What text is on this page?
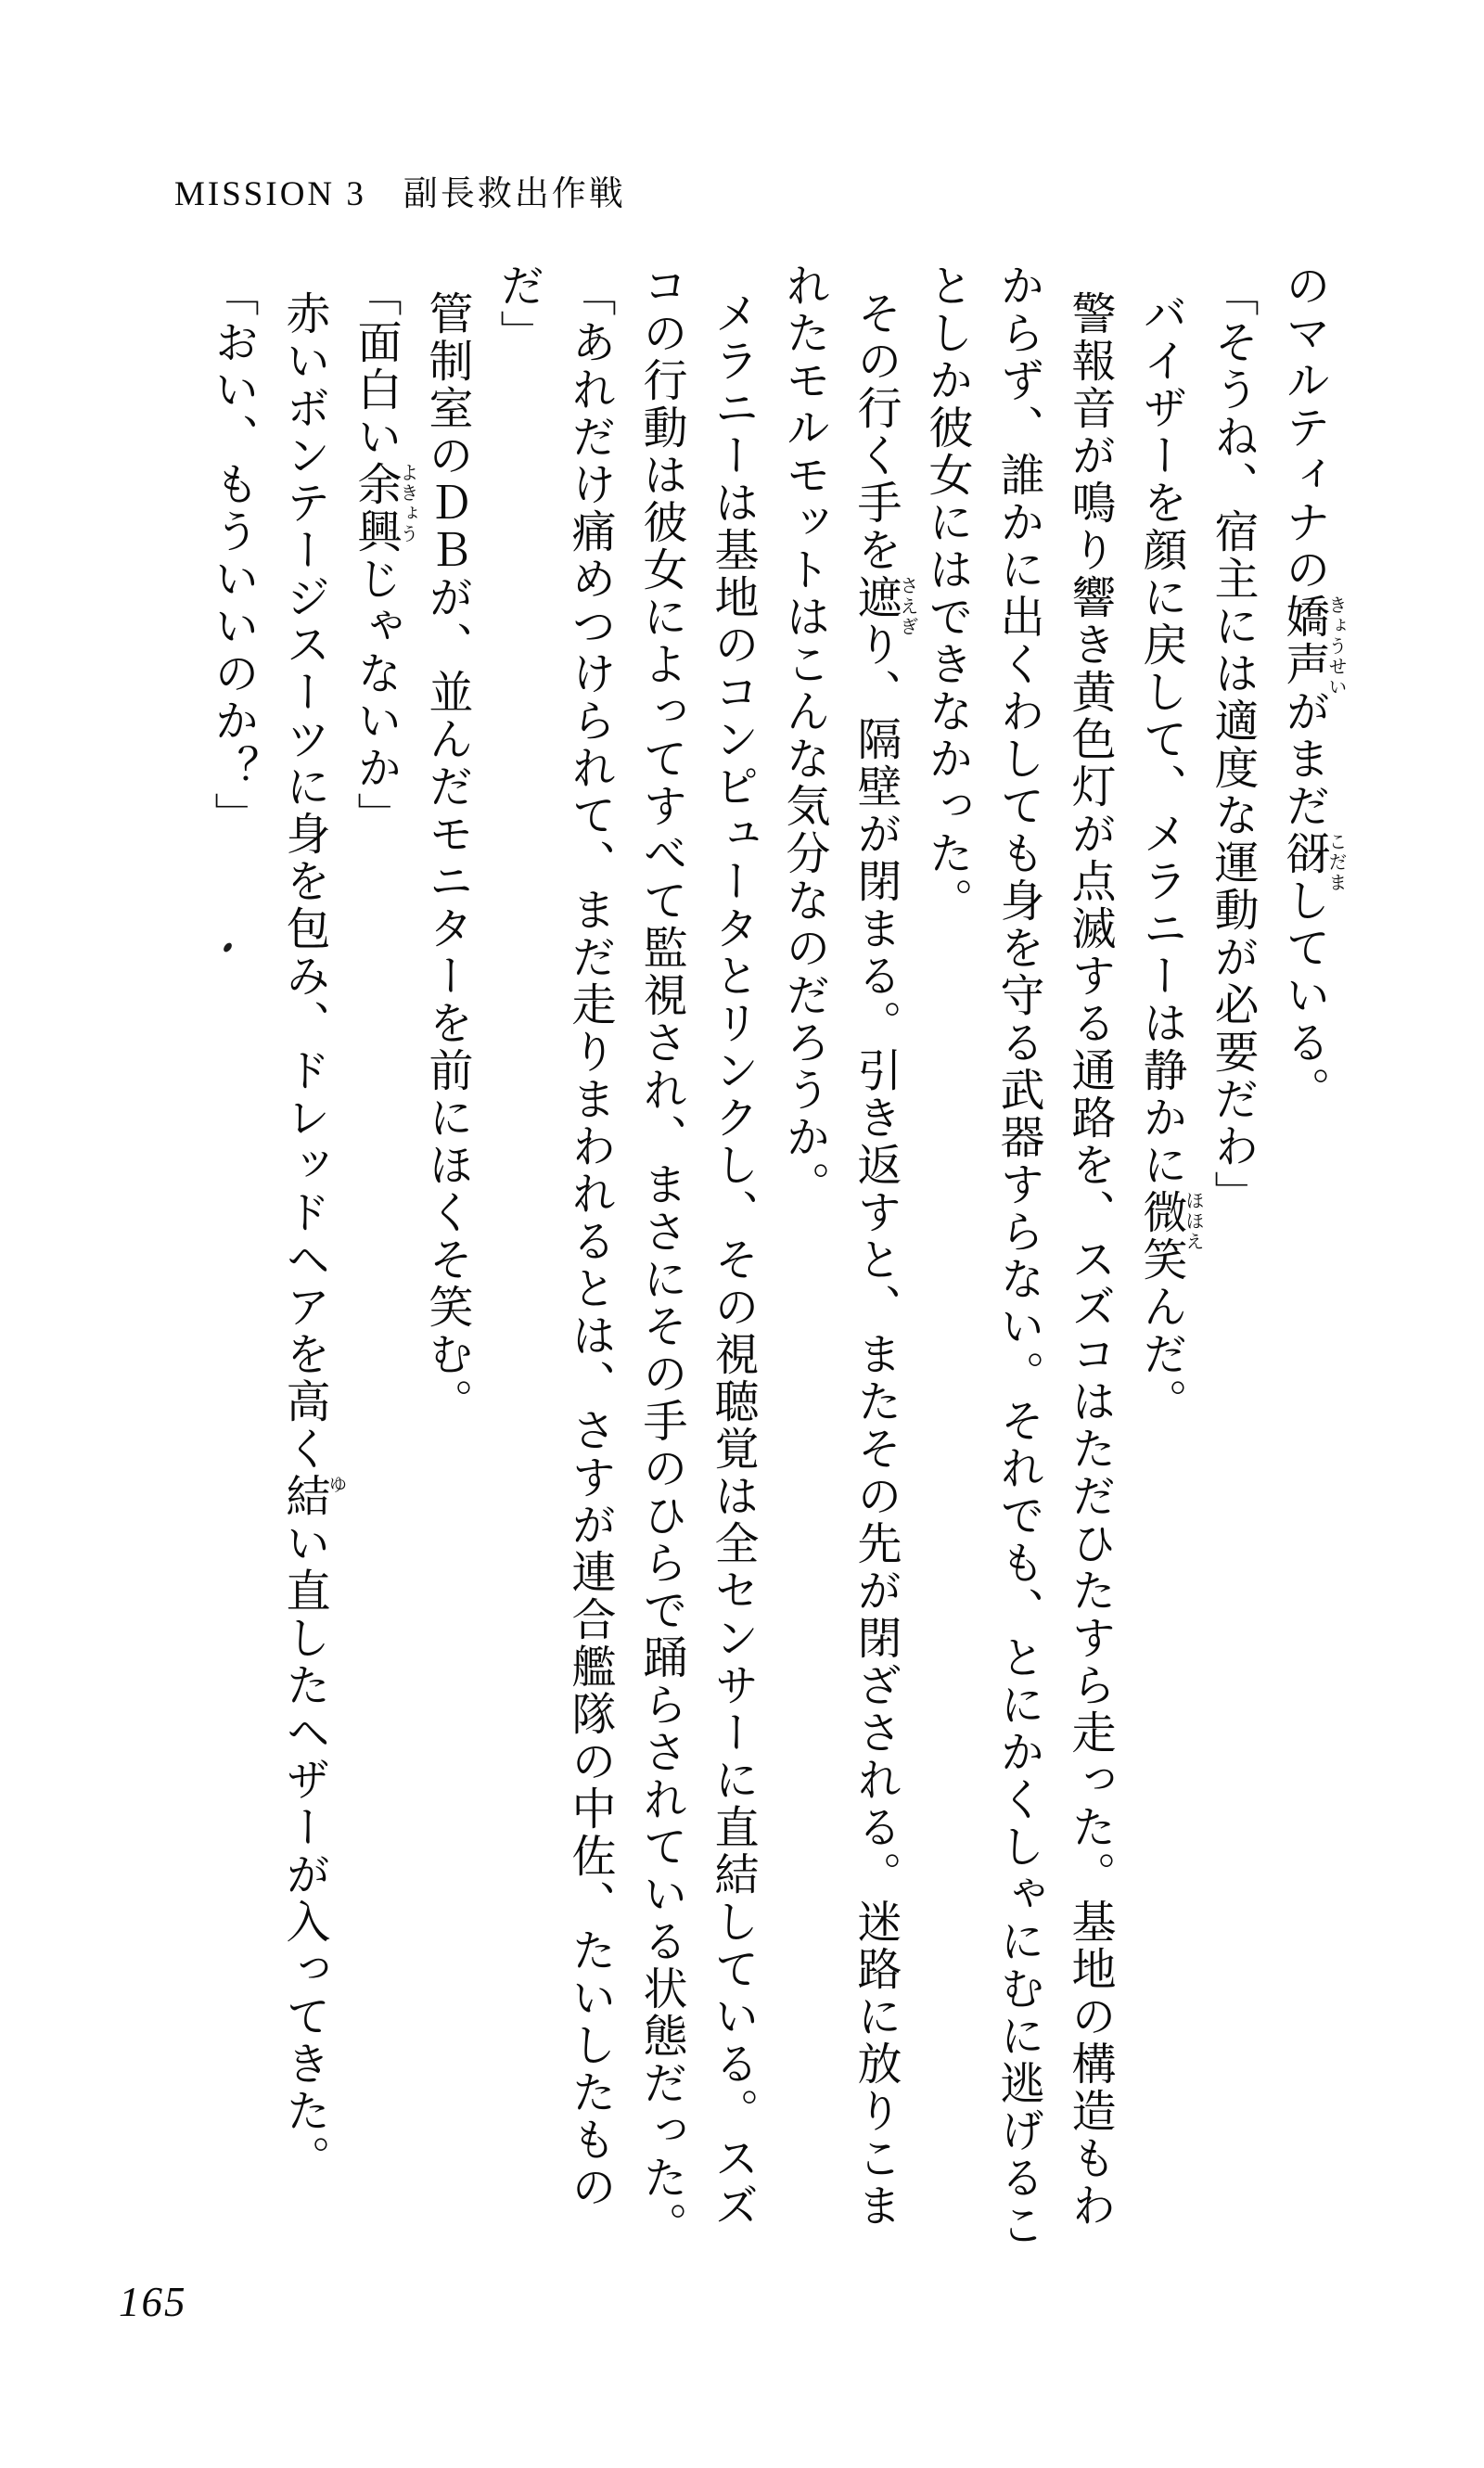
MISSION 3　副長救出作戦
のマルティナの嬌声
きょうせい
がまだ谺
こだま
している。
「そうね、宿主には適度な運動が必要だわ」
バイザーを顔に戻して、メラニーは静かに微笑
ほほえ
んだ。
警報音が鳴り響き黄色灯が点滅する通路を、スズコはただひたすら走った。基地の構造もわ
からず、誰かに出くわしても身を守る武器すらない。それでも、とにかくしゃにむに逃げるこ
としか彼女にはできなかった。
その行く手を遮
さえぎ
り、隔壁が閉まる。引き返すと、またその先が閉ざされる。迷路に放りこま
れたモルモットはこんな気分なのだろうか。
メラニーは基地のコンピュータとリンクし、その視聴覚は全センサーに直結している。スズ
コの行動は彼女によってすべて監視され、まさにその手のひらで踊らされている状態だった。
「あれだけ痛めつけられて、まだ走りまわれるとは、さすが連合艦隊の中佐、たいしたもの
だ」
管制室のＤＢが、並んだモニターを前にほくそ笑む。
「面白い余興
よきょう
じゃないか」
赤いボンテージスーツに身を包み、ドレッドヘアを高く結
ゆ
い直したヘザーが入ってきた。
「おい、もういいのか？」
165
